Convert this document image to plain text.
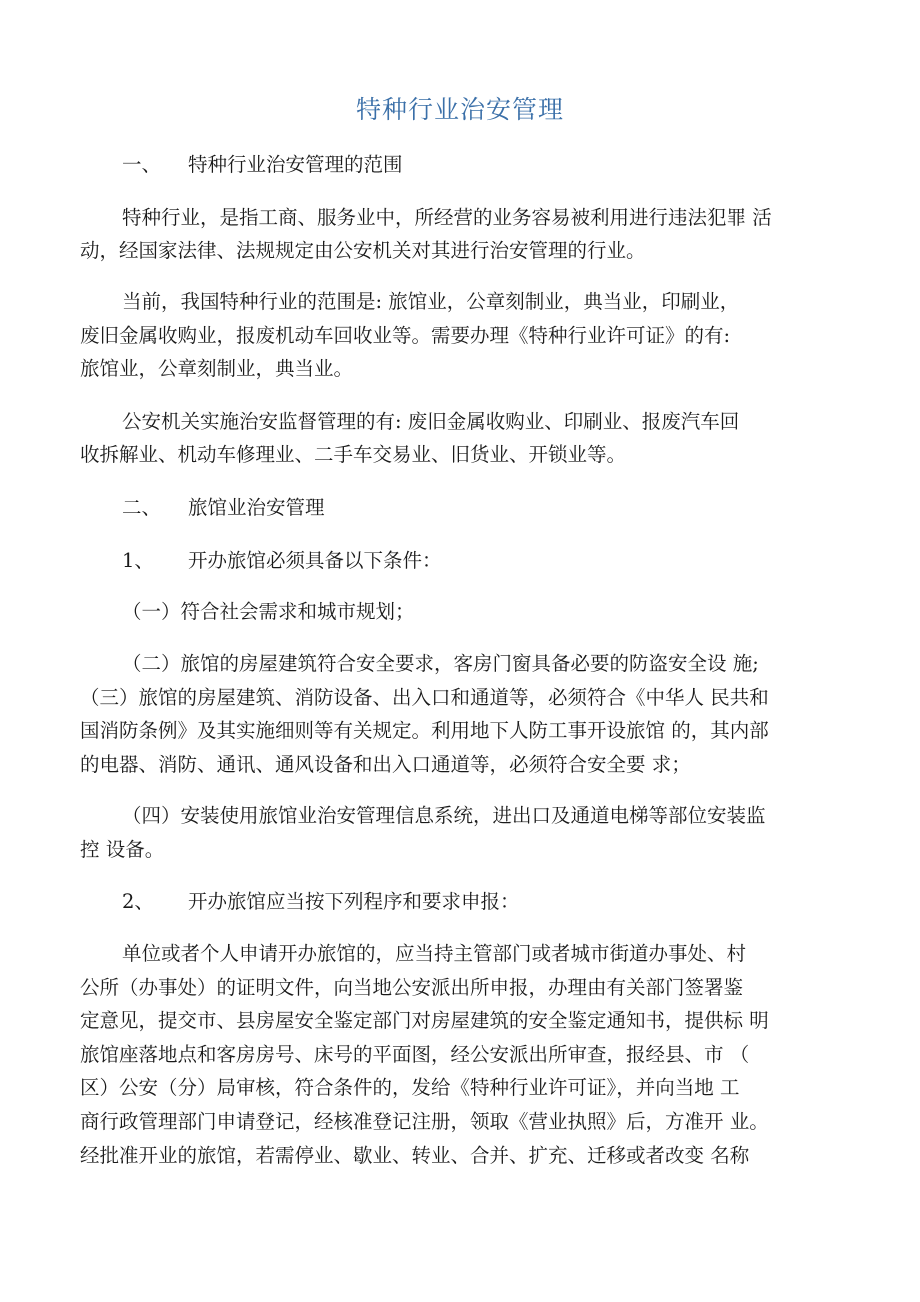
特种行业治安管理

一、 特种行业治安管理的范围

特种行业，是指工商、服务业中，所经营的业务容易被利用进行违法犯罪 活

动，经国家法律、法规规定由公安机关对其进行治安管理的行业。

当前，我国特种行业的范围是: 旅馆业，公章刻制业，典当业，印刷业，

废旧金属收购业，报废机动车回收业等。需要办理《特种行业许可证》的有:

旅馆业，公章刻制业，典当业。

公安机关实施治安监督管理的有: 废旧金属收购业、印刷业、报废汽车回

收拆解业、机动车修理业、二手车交易业、旧货业、开锁业等。

二、 旅馆业治安管理

1、 开办旅馆必须具备以下条件：

（一）符合社会需求和城市规划；

（二）旅馆的房屋建筑符合安全要求，客房门窗具备必要的防盗安全设 施;

（三）旅馆的房屋建筑、消防设备、出入口和通道等，必须符合《中华人 民共和

国消防条例》及其实施细则等有关规定。利用地下人防工事开设旅馆 的，其内部

的电器、消防、通讯、通风设备和出入口通道等，必须符合安全要 求；

（四）安装使用旅馆业治安管理信息系统，进出口及通道电梯等部位安装监

控 设备。

2、 开办旅馆应当按下列程序和要求申报：

单位或者个人申请开办旅馆的，应当持主管部门或者城市街道办事处、村

公所（办事处）的证明文件，向当地公安派出所申报，办理由有关部门签署鉴

定意见，提交市、县房屋安全鉴定部门对房屋建筑的安全鉴定通知书，提供标 明

旅馆座落地点和客房房号、床号的平面图，经公安派出所审查，报经县、市 （

区）公安（分）局审核，符合条件的，发给《特种行业许可证》，并向当地 工

商行政管理部门申请登记，经核准登记注册，领取《营业执照》后，方准开 业。

经批准开业的旅馆，若需停业、歇业、转业、合并、扩充、迁移或者改变 名称
